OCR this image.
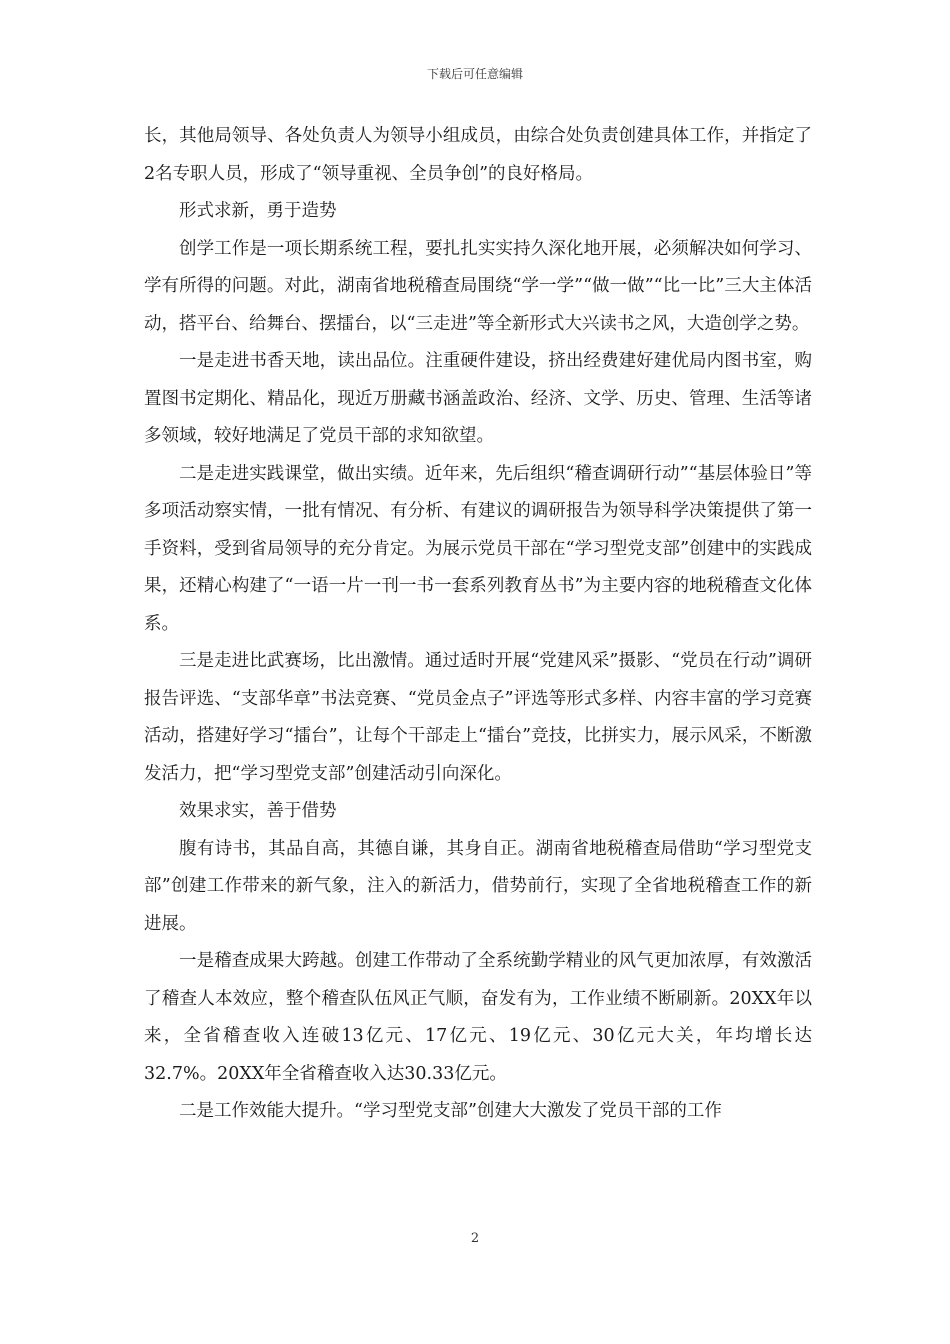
下载后可任意编辑

长，其他局领导、各处负责人为领导小组成员，由综合处负责创建具体工作，并指定了2名专职人员，形成了“领导重视、全员争创”的良好格局。

形式求新，勇于造势

创学工作是一项长期系统工程，要扎扎实实持久深化地开展，必须解决如何学习、学有所得的问题。对此，湖南省地税稽查局围绕“学一学”“做一做”“比一比”三大主体活动，搭平台、给舞台、摆擂台，以“三走进”等全新形式大兴读书之风，大造创学之势。

一是走进书香天地，读出品位。注重硬件建设，挤出经费建好建优局内图书室，购置图书定期化、精品化，现近万册藏书涵盖政治、经济、文学、历史、管理、生活等诸多领域，较好地满足了党员干部的求知欲望。

二是走进实践课堂，做出实绩。近年来，先后组织“稽查调研行动”“基层体验日”等多项活动察实情，一批有情况、有分析、有建议的调研报告为领导科学决策提供了第一手资料，受到省局领导的充分肯定。为展示党员干部在“学习型党支部”创建中的实践成果，还精心构建了“一语一片一刊一书一套系列教育丛书”为主要内容的地税稽查文化体系。

三是走进比武赛场，比出激情。通过适时开展“党建风采”摄影、“党员在行动”调研报告评选、“支部华章”书法竞赛、“党员金点子”评选等形式多样、内容丰富的学习竞赛活动，搭建好学习“擂台”，让每个干部走上“擂台”竞技，比拼实力，展示风采，不断激发活力，把“学习型党支部”创建活动引向深化。

效果求实，善于借势

腹有诗书，其品自高，其德自谦，其身自正。湖南省地税稽查局借助“学习型党支部”创建工作带来的新气象，注入的新活力，借势前行，实现了全省地税稽查工作的新进展。

一是稽查成果大跨越。创建工作带动了全系统勤学精业的风气更加浓厚，有效激活了稽查人本效应，整个稽查队伍风正气顺，奋发有为，工作业绩不断刷新。20XX年以来，全省稽查收入连破13亿元、17亿元、19亿元、30亿元大关，年均增长达32.7%。20XX年全省稽查收入达30.33亿元。

二是工作效能大提升。“学习型党支部”创建大大激发了党员干部的工作

2
